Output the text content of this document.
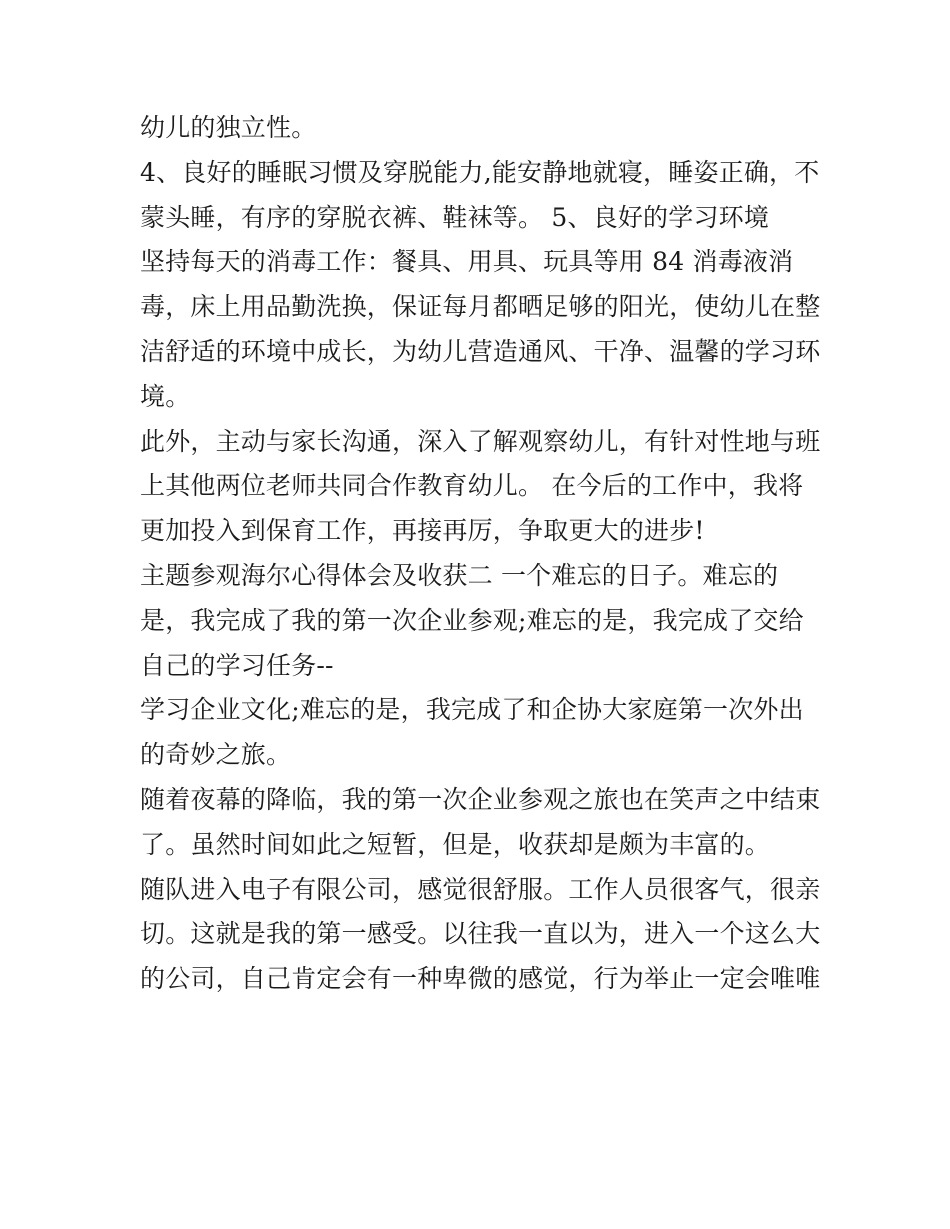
幼儿的独立性。
4、良好的睡眠习惯及穿脱能力,能安静地就寝，睡姿正确，不
蒙头睡，有序的穿脱衣裤、鞋袜等。 5、良好的学习环境
坚持每天的消毒工作：餐具、用具、玩具等用 84 消毒液消
毒，床上用品勤洗换，保证每月都晒足够的阳光，使幼儿在整
洁舒适的环境中成长，为幼儿营造通风、干净、温馨的学习环
境。
此外，主动与家长沟通，深入了解观察幼儿，有针对性地与班
上其他两位老师共同合作教育幼儿。 在今后的工作中，我将
更加投入到保育工作，再接再厉，争取更大的进步!
主题参观海尔心得体会及收获二 一个难忘的日子。难忘的
是，我完成了我的第一次企业参观;难忘的是，我完成了交给
自己的学习任务--
学习企业文化;难忘的是，我完成了和企协大家庭第一次外出
的奇妙之旅。
随着夜幕的降临，我的第一次企业参观之旅也在笑声之中结束
了。虽然时间如此之短暂，但是，收获却是颇为丰富的。
随队进入电子有限公司，感觉很舒服。工作人员很客气，很亲
切。这就是我的第一感受。以往我一直以为，进入一个这么大
的公司，自己肯定会有一种卑微的感觉，行为举止一定会唯唯
